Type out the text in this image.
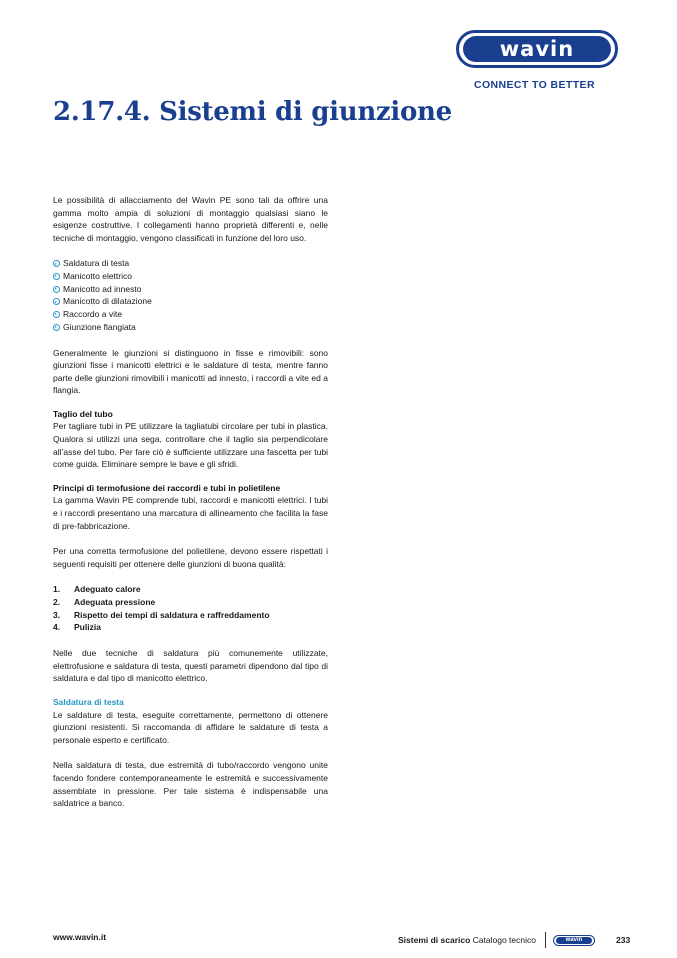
wavin
CONNECT TO BETTER
2.17.4. Sistemi di giunzione

Le possibilità di allacciamento del Wavin PE sono tali da offrire una gamma molto ampia di soluzioni di montaggio qualsiasi siano le esigenze costruttive. I collegamenti hanno proprietà differenti e, nelle tecniche di montaggio, vengono classificati in funzione del loro uso.

Saldatura di testa
Manicotto elettrico
Manicotto ad innesto
Manicotto di dilatazione
Raccordo a vite
Giunzione flangiata

Generalmente le giunzioni si distinguono in fisse e rimovibili: sono giunzioni fisse i manicotti elettrici e le saldature di testa, mentre fanno parte delle giunzioni rimovibili i manicotti ad innesto, i raccordi a vite ed a flangia.

Taglio del tubo

Per tagliare tubi in PE utilizzare la tagliatubi circolare per tubi in plastica. Qualora si utilizzi una sega, controllare che il taglio sia perpendicolare all’asse del tubo. Per fare ciò è sufficiente utilizzare una fascetta per tubi come guida. Eliminare sempre le bave e gli sfridi.

Principi di termofusione dei raccordi e tubi in polietilene

La gamma Wavin PE comprende tubi, raccordi e manicotti elettrici. I tubi e i raccordi presentano una marcatura di allineamento che facilita la fase di pre-fabbricazione.

Per una corretta termofusione del polietilene, devono essere rispettati i seguenti requisiti per ottenere delle giunzioni di buona qualità:

1.	Adeguato calore
2.	Adeguata pressione
3.	Rispetto dei tempi di saldatura e raffreddamento
4.	Pulizia

Nelle due tecniche di saldatura più comunemente utilizzate, elettrofusione e saldatura di testa, questi parametri dipendono dal tipo di saldatura e dal tipo di manicotto elettrico.

Saldatura di testa

Le saldature di testa, eseguite correttamente, permettono di ottenere giunzioni resistenti. Si raccomanda di affidare le saldature di testa a personale esperto e certificato.

Nella saldatura di testa, due estremità di tubo/raccordo vengono unite facendo fondere contemporaneamente le estremità e successivamente assemblate in pressione. Per tale sistema è indispensabile una saldatrice a banco.

www.wavin.it	Sistemi di scarico Catalogo tecnico	wavin	233
